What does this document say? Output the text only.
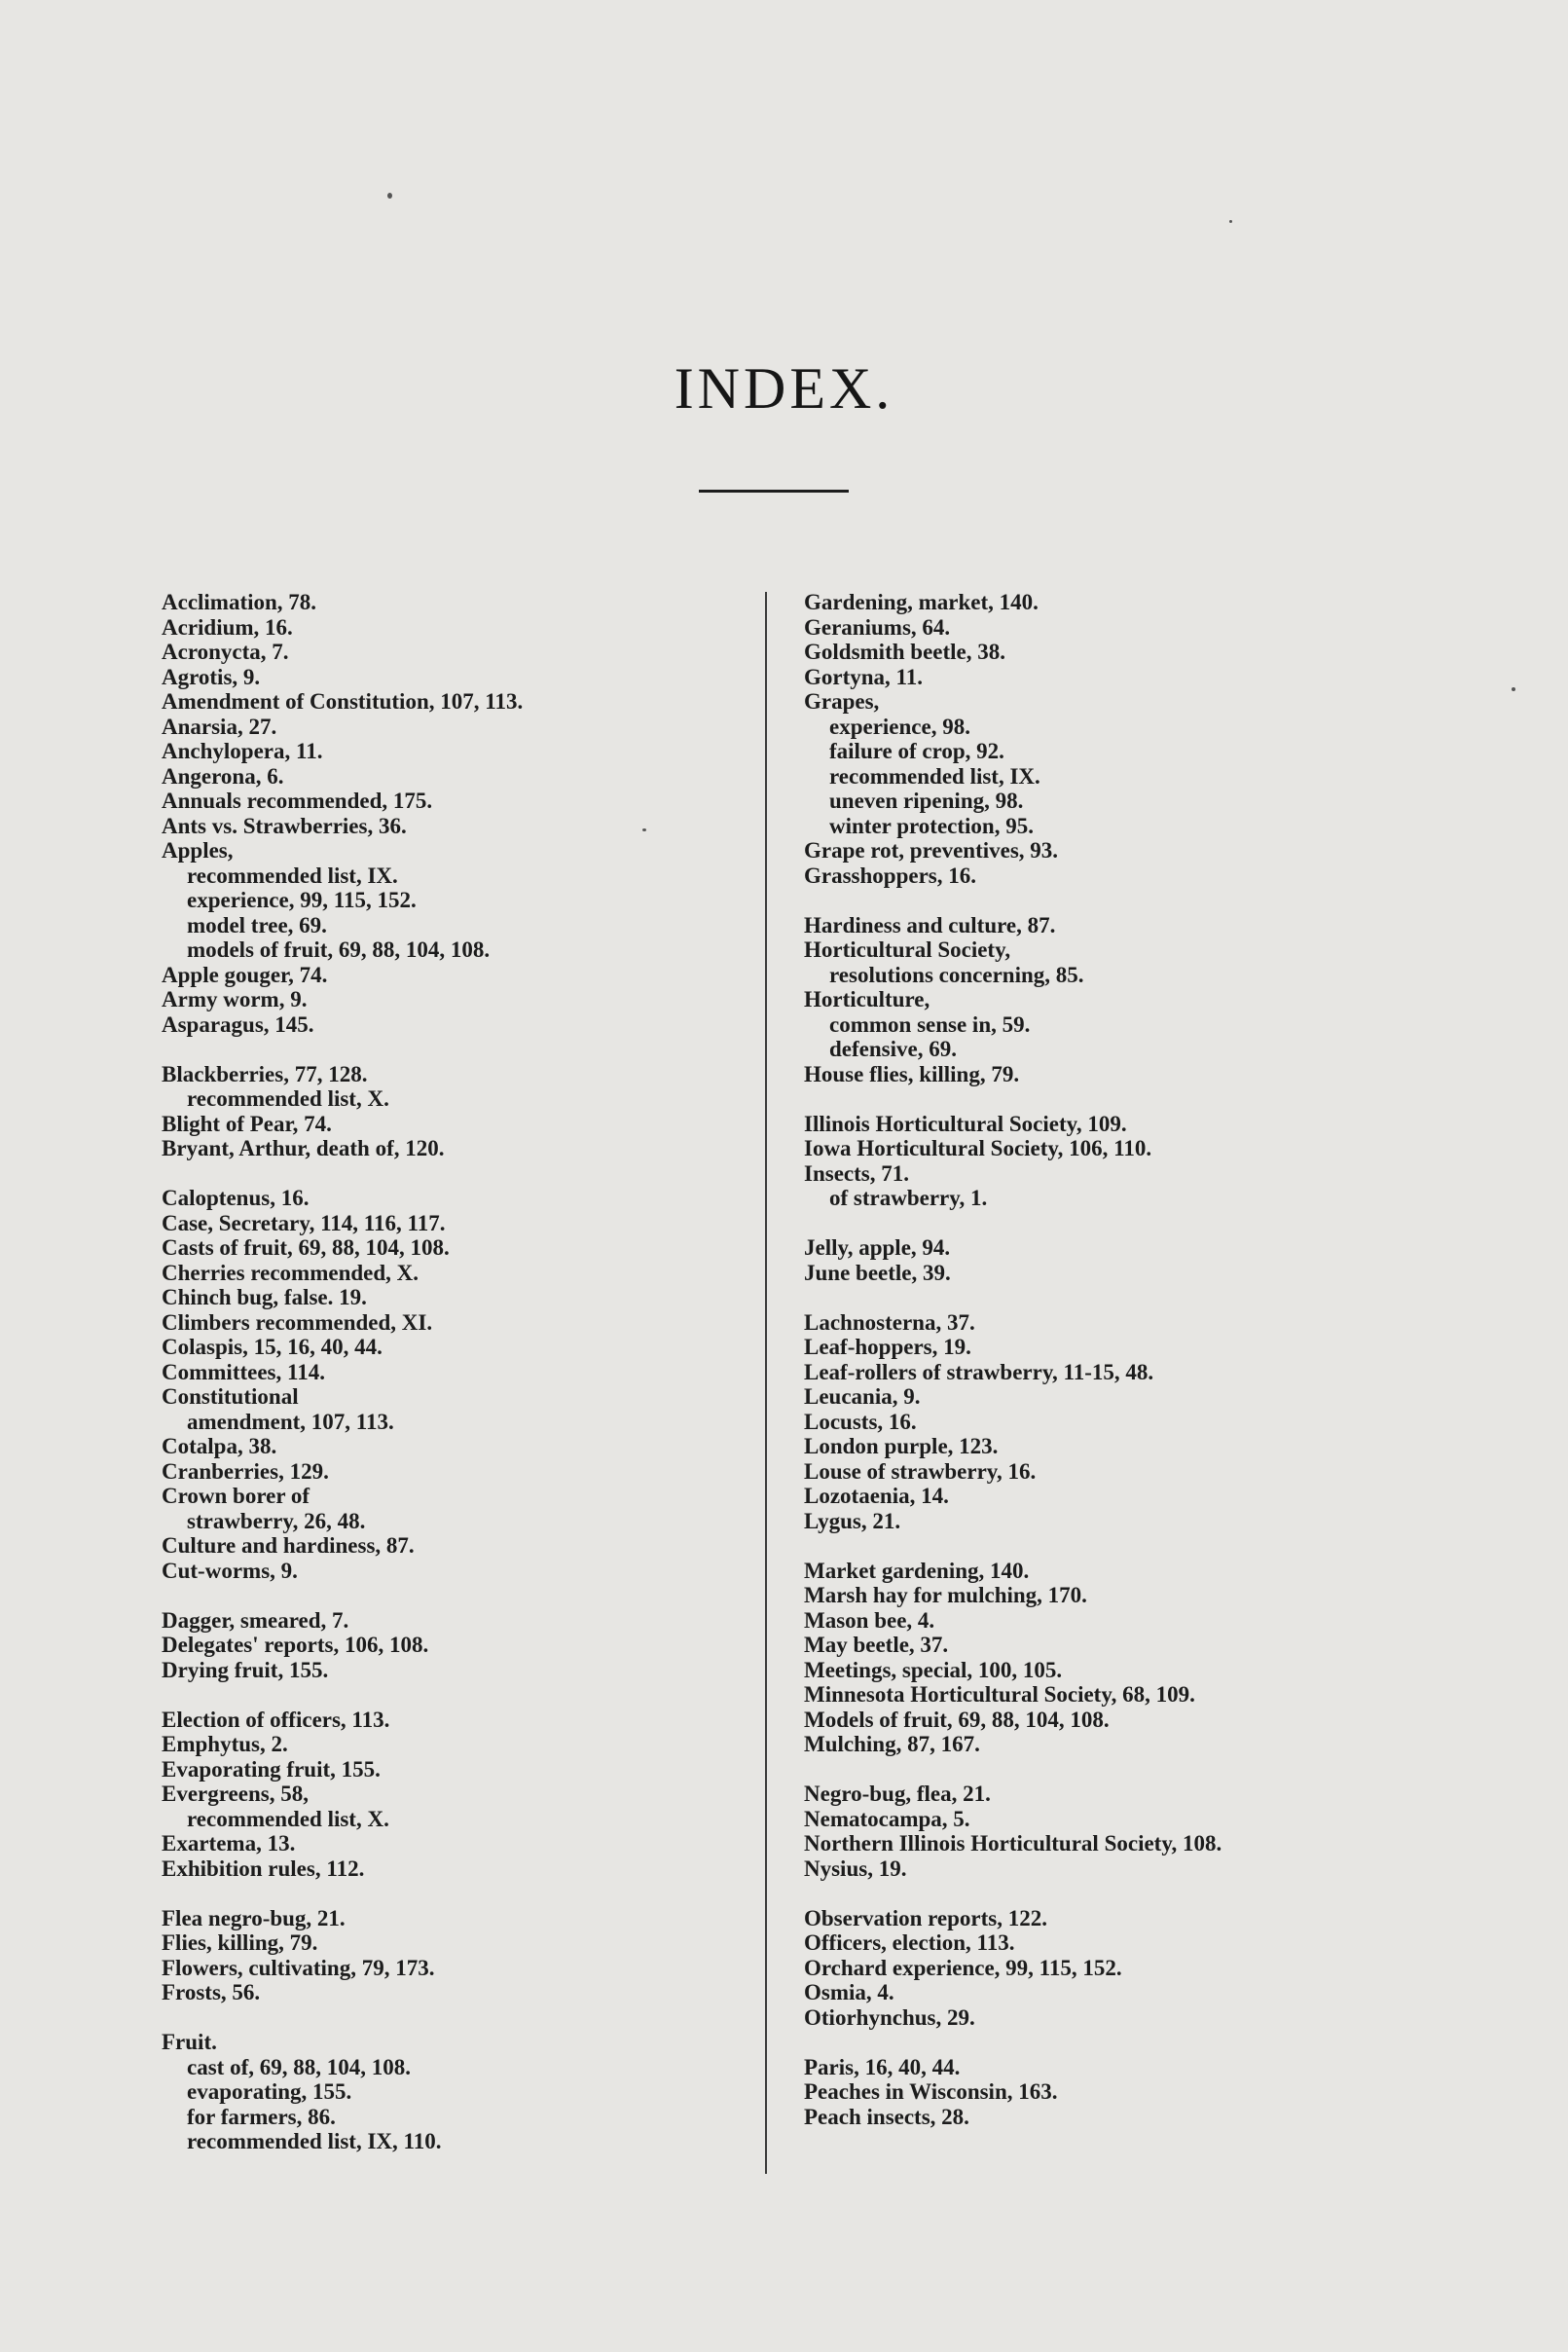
INDEX.
Acclimation, 78.
Acridium, 16.
Acronycta, 7.
Agrotis, 9.
Amendment of Constitution, 107, 113.
Anarsia, 27.
Anchylopera, 11.
Angerona, 6.
Annuals recommended, 175.
Ants vs. Strawberries, 36.
Apples,
recommended list, IX.
experience, 99, 115, 152.
model tree, 69.
models of fruit, 69, 88, 104, 108.
Apple gouger, 74.
Army worm, 9.
Asparagus, 145.
Blackberries, 77, 128.
recommended list, X.
Blight of Pear, 74.
Bryant, Arthur, death of, 120.
Caloptenus, 16.
Case, Secretary, 114, 116, 117.
Casts of fruit, 69, 88, 104, 108.
Cherries recommended, X.
Chinch bug, false. 19.
Climbers recommended, XI.
Colaspis, 15, 16, 40, 44.
Committees, 114.
Constitutional
amendment, 107, 113.
Cotalpa, 38.
Cranberries, 129.
Crown borer of
strawberry, 26, 48.
Culture and hardiness, 87.
Cut-worms, 9.
Dagger, smeared, 7.
Delegates' reports, 106, 108.
Drying fruit, 155.
Election of officers, 113.
Emphytus, 2.
Evaporating fruit, 155.
Evergreens, 58,
recommended list, X.
Exartema, 13.
Exhibition rules, 112.
Flea negro-bug, 21.
Flies, killing, 79.
Flowers, cultivating, 79, 173.
Frosts, 56.
Fruit.
cast of, 69, 88, 104, 108.
evaporating, 155.
for farmers, 86.
recommended list, IX, 110.
Gardening, market, 140.
Geraniums, 64.
Goldsmith beetle, 38.
Gortyna, 11.
Grapes,
experience, 98.
failure of crop, 92.
recommended list, IX.
uneven ripening, 98.
winter protection, 95.
Grape rot, preventives, 93.
Grasshoppers, 16.
Hardiness and culture, 87.
Horticultural Society,
resolutions concerning, 85.
Horticulture,
common sense in, 59.
defensive, 69.
House flies, killing, 79.
Illinois Horticultural Society, 109.
Iowa Horticultural Society, 106, 110.
Insects, 71.
of strawberry, 1.
Jelly, apple, 94.
June beetle, 39.
Lachnosterna, 37.
Leaf-hoppers, 19.
Leaf-rollers of strawberry, 11-15, 48.
Leucania, 9.
Locusts, 16.
London purple, 123.
Louse of strawberry, 16.
Lozotaenia, 14.
Lygus, 21.
Market gardening, 140.
Marsh hay for mulching, 170.
Mason bee, 4.
May beetle, 37.
Meetings, special, 100, 105.
Minnesota Horticultural Society, 68, 109.
Models of fruit, 69, 88, 104, 108.
Mulching, 87, 167.
Negro-bug, flea, 21.
Nematocampa, 5.
Northern Illinois Horticultural Society, 108.
Nysius, 19.
Observation reports, 122.
Officers, election, 113.
Orchard experience, 99, 115, 152.
Osmia, 4.
Otiorhynchus, 29.
Paris, 16, 40, 44.
Peaches in Wisconsin, 163.
Peach insects, 28.
